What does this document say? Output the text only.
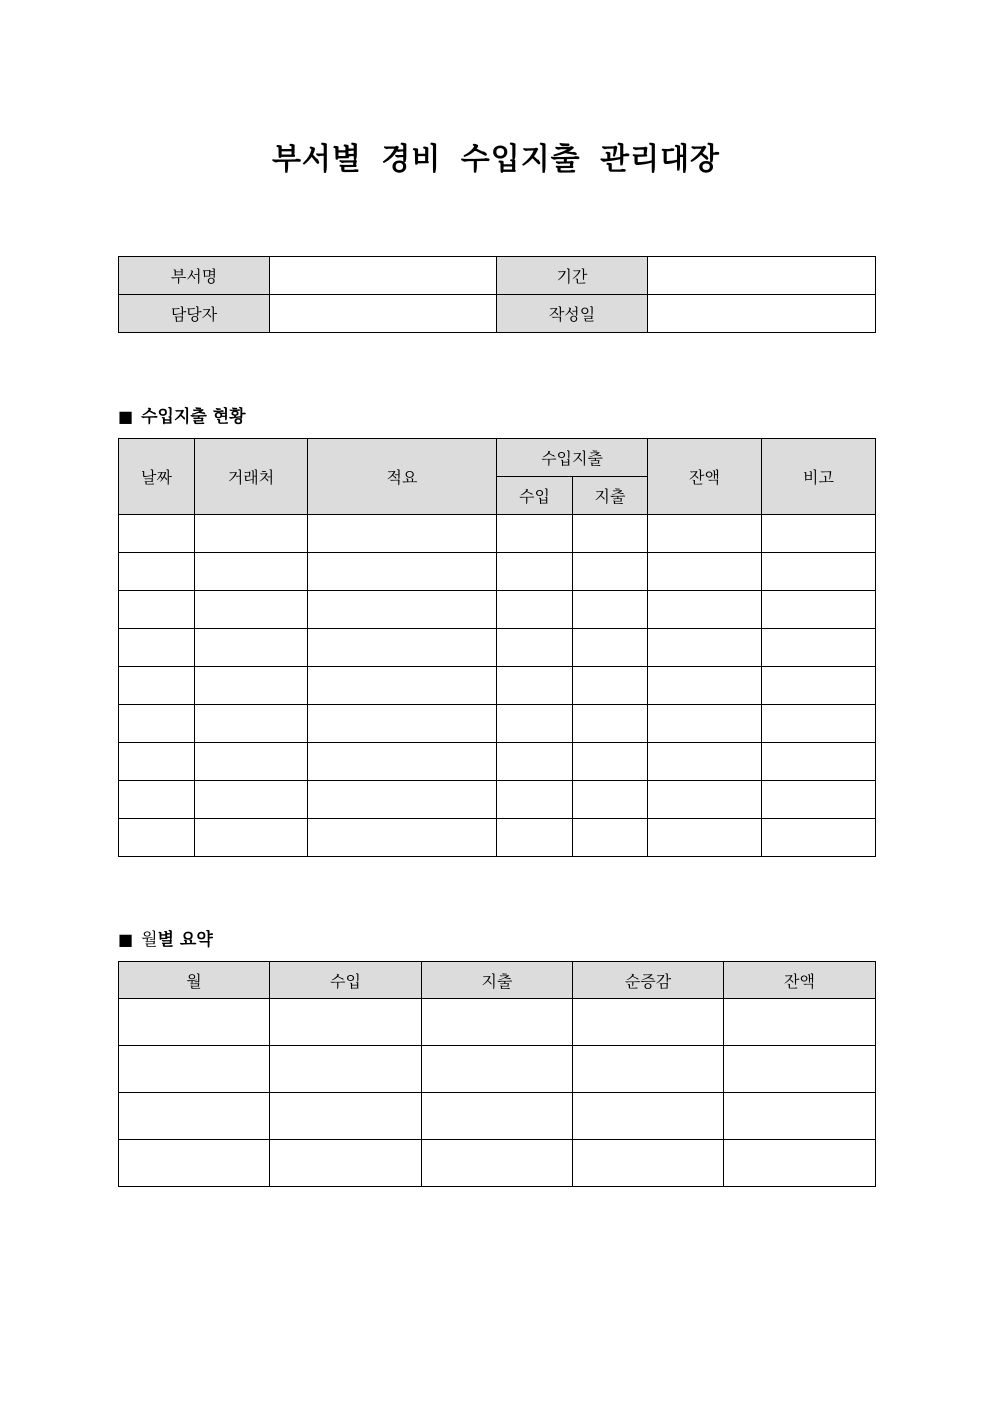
부서별 경비 수입지출 관리대장
부서명		기간	
담당자		작성일	
■ 수입지출 현황
날짜	거래처	적요	수입지출		잔액	비고
			수입	지출		

■ 월별 요약
월	수입	지출	순증감	잔액
